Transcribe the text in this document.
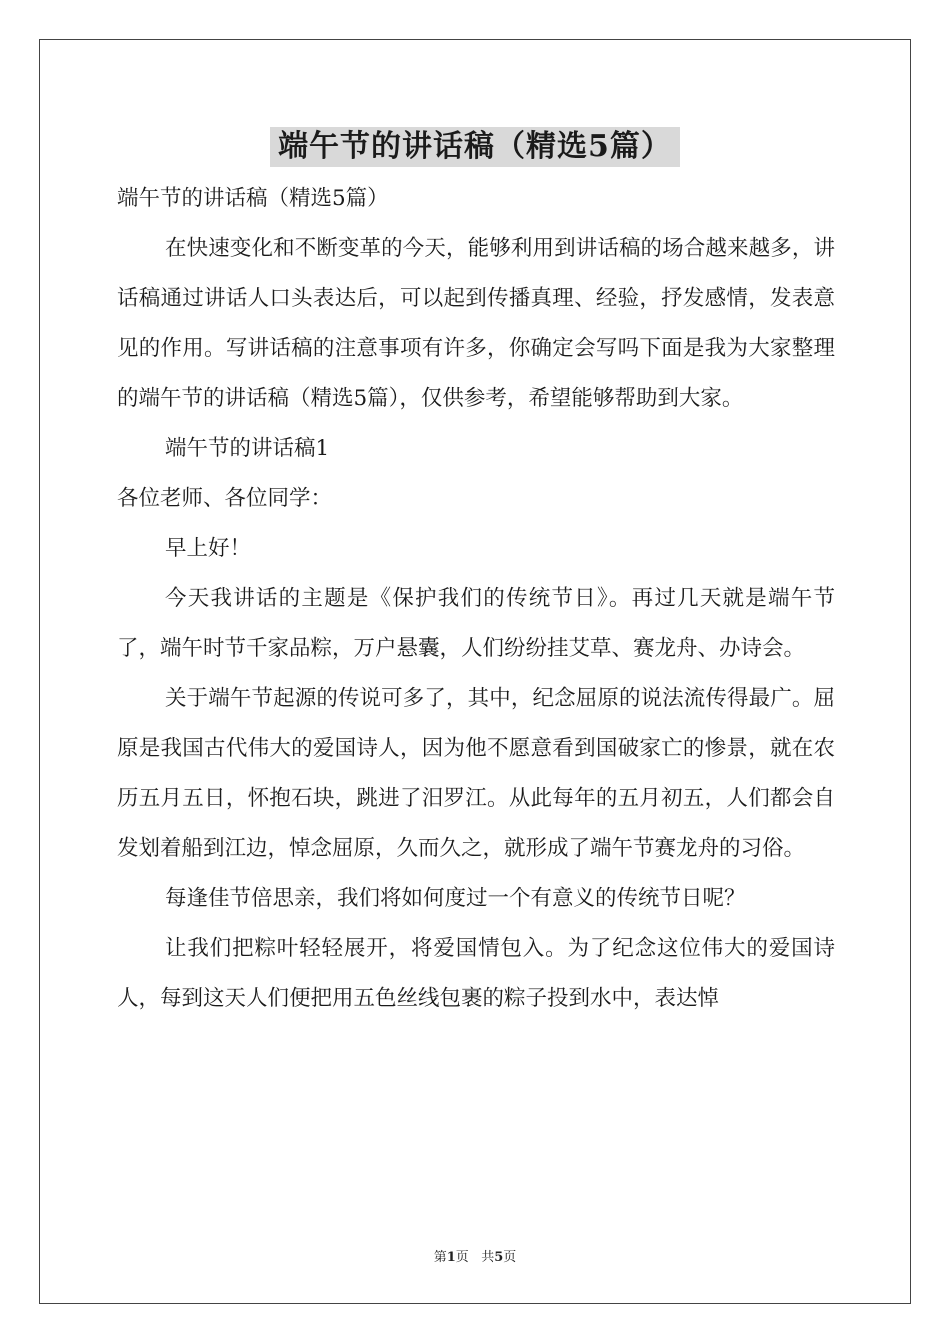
端午节的讲话稿（精选5篇）

端午节的讲话稿（精选5篇）

在快速变化和不断变革的今天，能够利用到讲话稿的场合越来越多，讲话稿通过讲话人口头表达后，可以起到传播真理、经验，抒发感情，发表意见的作用。写讲话稿的注意事项有许多，你确定会写吗下面是我为大家整理的端午节的讲话稿（精选5篇），仅供参考，希望能够帮助到大家。

端午节的讲话稿1

各位老师、各位同学：

早上好！

今天我讲话的主题是《保护我们的传统节日》。再过几天就是端午节了，端午时节千家品粽，万户悬囊，人们纷纷挂艾草、赛龙舟、办诗会。

关于端午节起源的传说可多了，其中，纪念屈原的说法流传得最广。屈原是我国古代伟大的爱国诗人，因为他不愿意看到国破家亡的惨景，就在农历五月五日，怀抱石块，跳进了汨罗江。从此每年的五月初五，人们都会自发划着船到江边，悼念屈原，久而久之，就形成了端午节赛龙舟的习俗。

每逢佳节倍思亲，我们将如何度过一个有意义的传统节日呢？

让我们把粽叶轻轻展开，将爱国情包入。为了纪念这位伟大的爱国诗人，每到这天人们便把用五色丝线包裹的粽子投到水中，表达悼

第1页 共5页
